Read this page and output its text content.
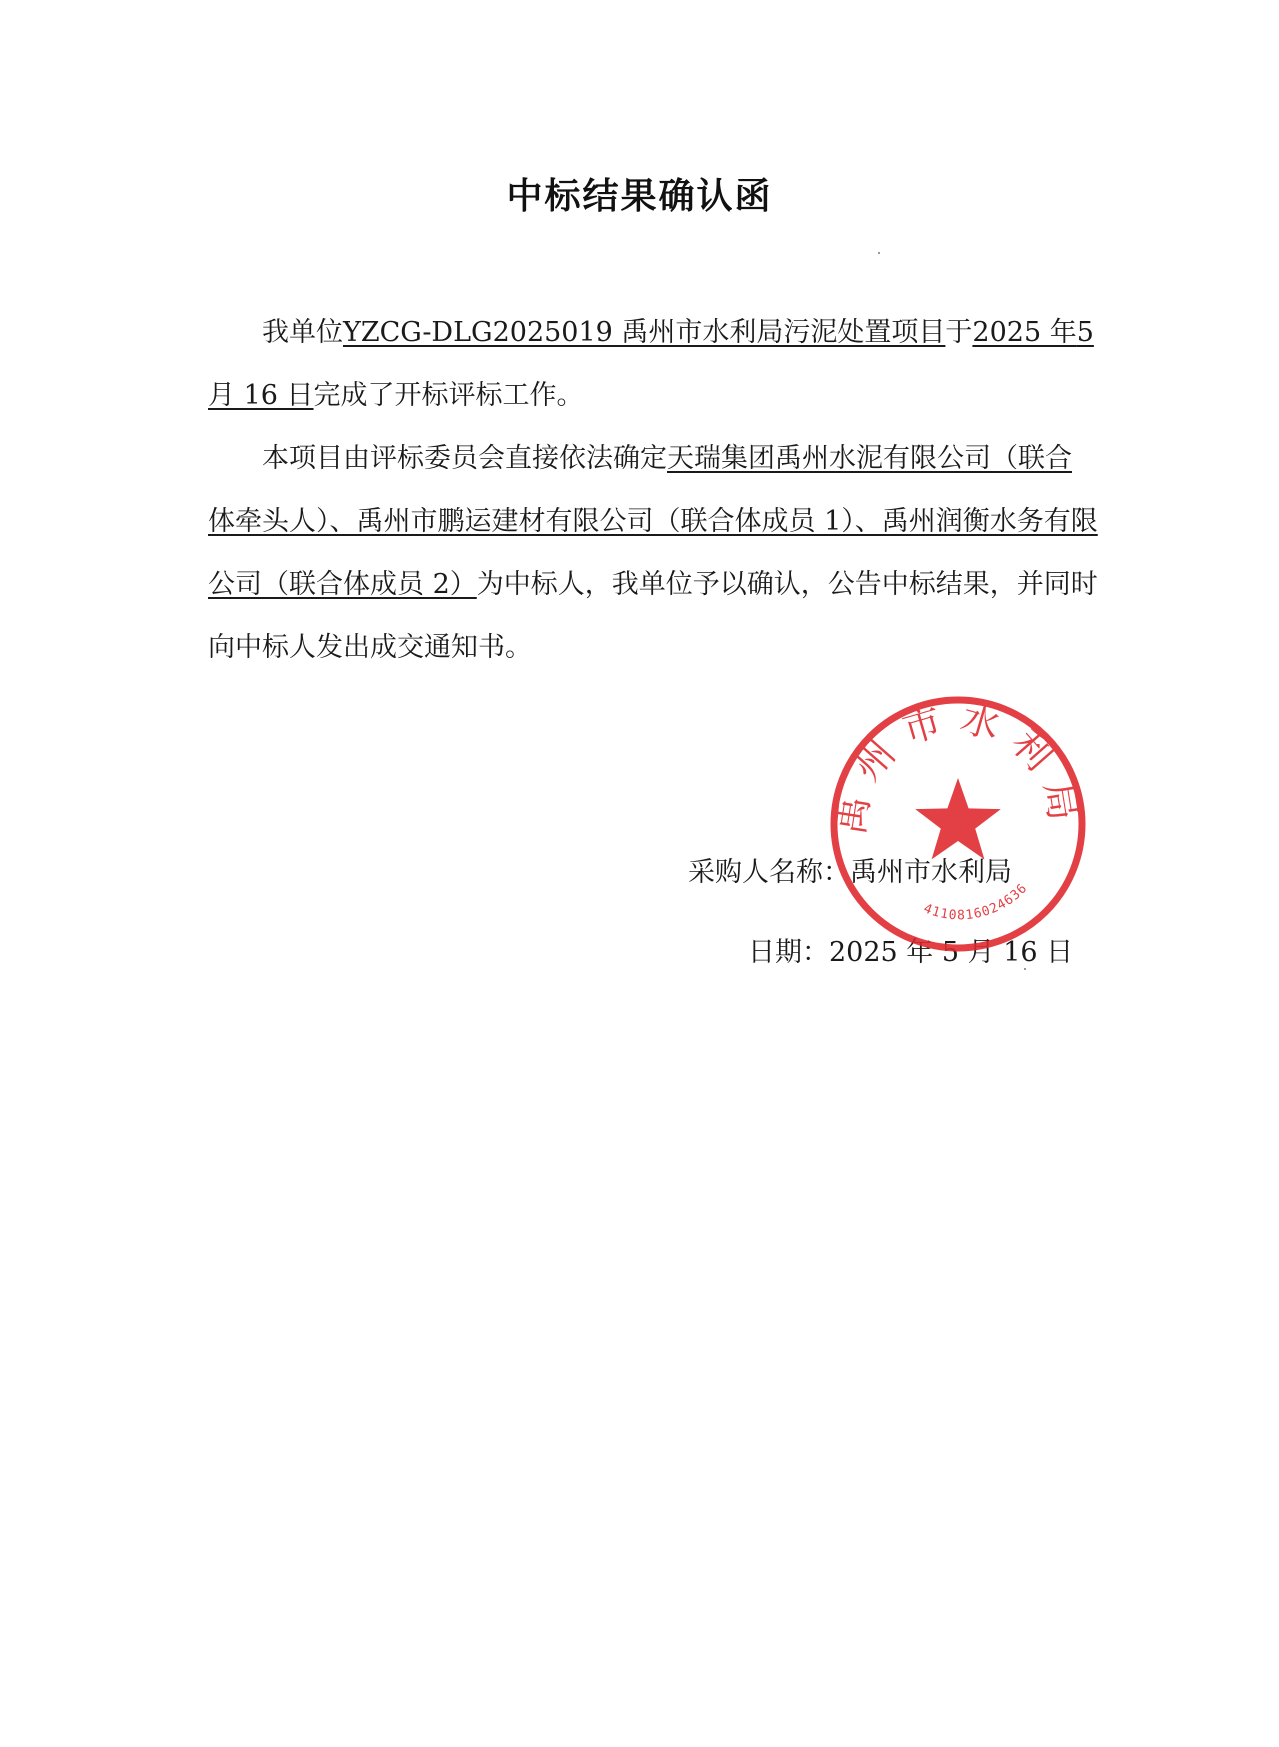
中标结果确认函
我单位YZCG-DLG2025019 禹州市水利局污泥处置项目于2025 年5 月 16 日完成了开标评标工作。
本项目由评标委员会直接依法确定天瑞集团禹州水泥有限公司（联合体牵头人）、禹州市鹏运建材有限公司（联合体成员 1）、禹州润衡水务有限公司（联合体成员 2）为中标人，我单位予以确认，公告中标结果，并同时向中标人发出成交通知书。
采购人名称：禹州市水利局
日期：2025 年 5 月 16 日
禹州市水利局
4110816024636
